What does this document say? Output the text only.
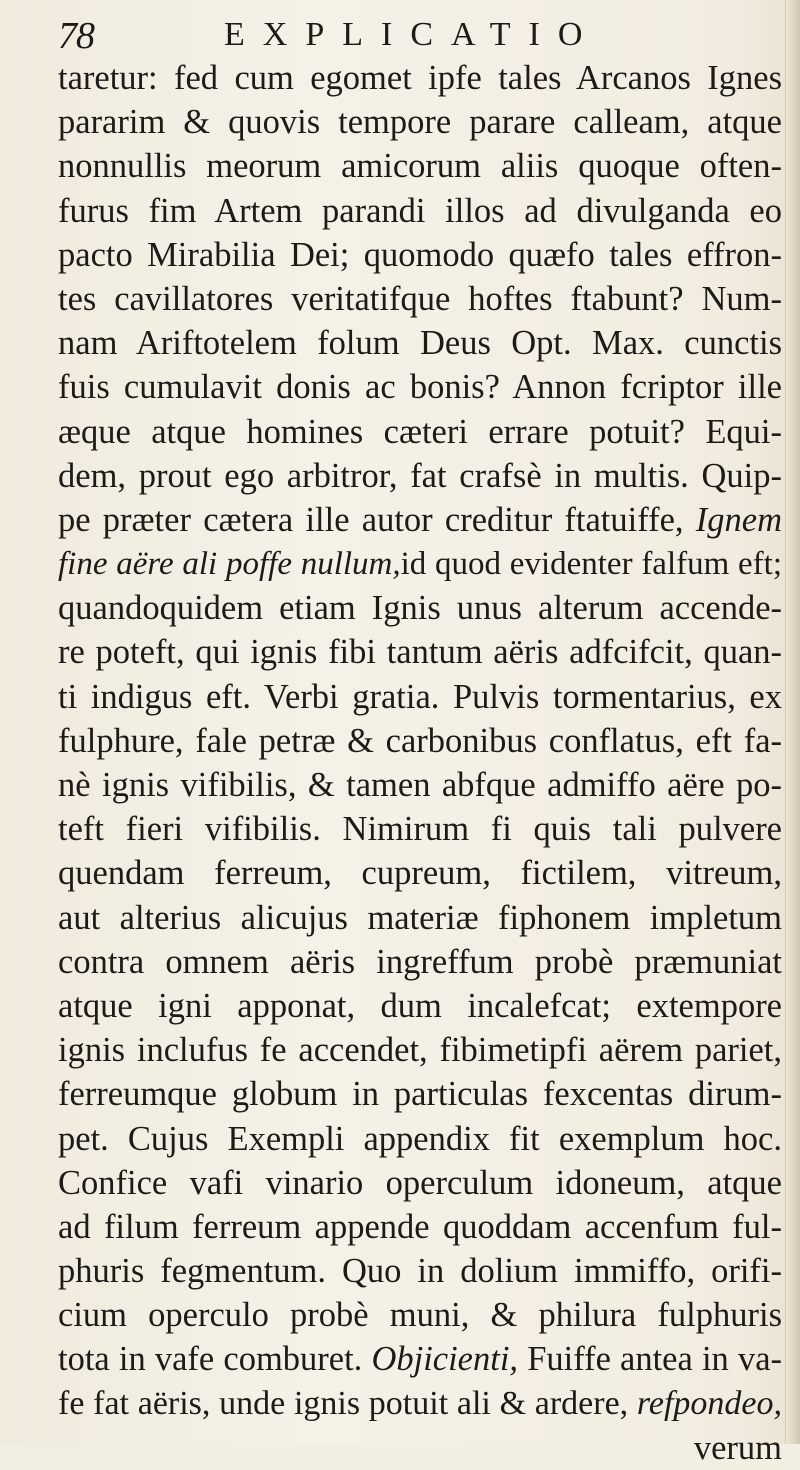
78	EXPLICATIO
taretur: fed cum egomet ipfe tales Arcanos Ignes
pararim & quovis tempore parare calleam, atque
nonnullis meorum amicorum aliis quoque often-
furus fim Artem parandi illos ad divulganda eo
pacto Mirabilia Dei; quomodo quæfo tales effron-
tes cavillatores veritatifque hoftes ftabunt? Num-
nam Ariftotelem folum Deus Opt. Max. cunctis
fuis cumulavit donis ac bonis? Annon fcriptor ille
æque atque homines cæteri errare potuit? Equi-
dem, prout ego arbitror, fat crafsè in multis. Quip-
pe præter cætera ille autor creditur ftatuiffe, Ignem
fine aëre ali poffe nullum,id quod evidenter falfum eft;
quandoquidem etiam Ignis unus alterum accende-
re poteft, qui ignis fibi tantum aëris adfcifcit, quan-
ti indigus eft. Verbi gratia. Pulvis tormentarius, ex
fulphure, fale petræ & carbonibus conflatus, eft fa-
nè ignis vifibilis, & tamen abfque admiffo aëre po-
teft fieri vifibilis. Nimirum fi quis tali pulvere
quendam ferreum, cupreum, fictilem, vitreum,
aut alterius alicujus materiæ fiphonem impletum
contra omnem aëris ingreffum probè præmuniat
atque igni apponat, dum incalefcat; extempore
ignis inclufus fe accendet, fibimetipfi aërem pariet,
ferreumque globum in particulas fexcentas dirum-
pet. Cujus Exempli appendix fit exemplum hoc.
Confice vafi vinario operculum idoneum, atque
ad filum ferreum appende quoddam accenfum ful-
phuris fegmentum. Quo in dolium immiffo, orifi-
cium operculo probè muni, & philura fulphuris
tota in vafe comburet. Objicienti, Fuiffe antea in va-
fe fat aëris, unde ignis potuit ali & ardere, refpondeo,
verum
